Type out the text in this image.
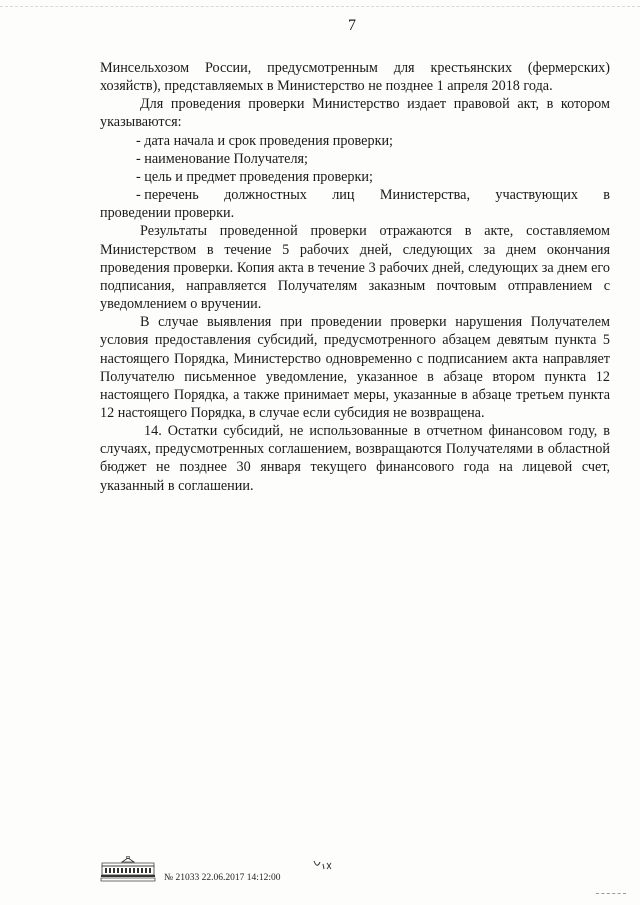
7

Минсельхозом России, предусмотренным для крестьянских (фермерских) хозяйств), представляемых в Министерство не позднее 1 апреля 2018 года.

Для проведения проверки Министерство издает правовой акт, в котором указываются:

- дата начала и срок проведения проверки;

- наименование Получателя;

- цель и предмет проведения проверки;

- перечень должностных лиц Министерства, участвующих в

проведении проверки.

Результаты проведенной проверки отражаются в акте, составляемом Министерством в течение 5 рабочих дней, следующих за днем окончания проведения проверки. Копия акта в течение 3 рабочих дней, следующих за днем его подписания, направляется Получателям заказным почтовым отправлением с уведомлением о вручении.

В случае выявления при проведении проверки нарушения Получателем условия предоставления субсидий, предусмотренного абзацем девятым пункта 5 настоящего Порядка, Министерство одновременно с подписанием акта направляет Получателю письменное уведомление, указанное в абзаце втором пункта 12 настоящего Порядка, а также принимает меры, указанные в абзаце третьем пункта 12 настоящего Порядка, в случае если субсидия не возвращена.

14. Остатки субсидий, не использованные в отчетном финансовом году, в случаях, предусмотренных соглашением, возвращаются Получателями в областной бюджет не позднее 30 января текущего финансового года на лицевой счет, указанный в соглашении.

№ 21033 22.06.2017 14:12:00
